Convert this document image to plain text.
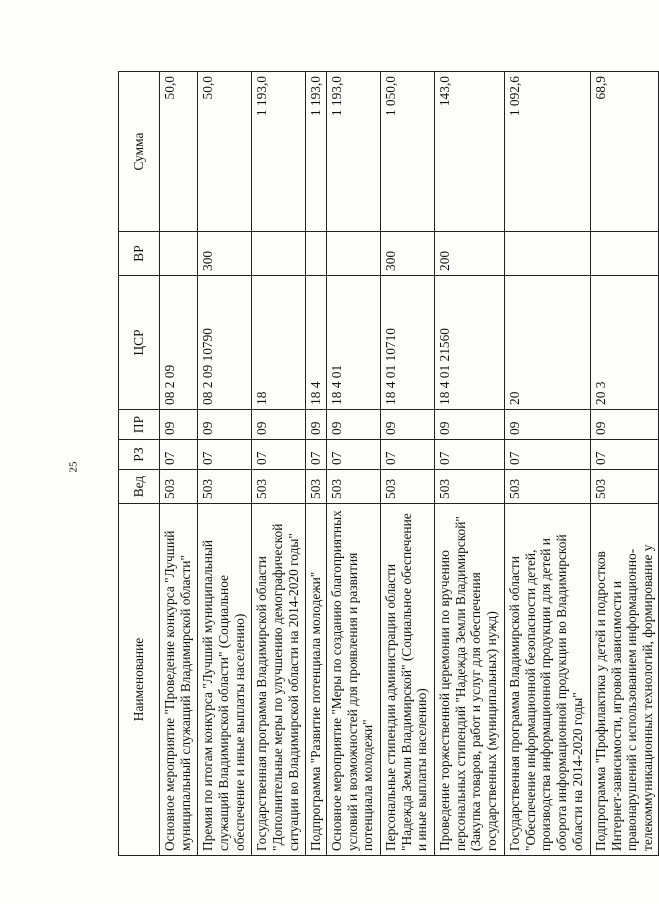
25
Наименование	Вед	РЗ	ПР	ЦСР	ВР	Сумма
Основное мероприятие "Проведение конкурса "Лучший муниципальный служащий Владимирской области"	503	07	09	08 2 09		50,0
Премия по итогам конкурса "Лучший муниципальный служащий Владимирской области" (Социальное обеспечение и иные выплаты населению)	503	07	09	08 2 09 10790	300	50,0
Государственная программа Владимирской области "Дополнительные меры по улучшению демографической ситуации во Владимирской области на 2014-2020 годы"	503	07	09	18		1 193,0
Подпрограмма "Развитие потенциала молодежи"	503	07	09	18 4		1 193,0
Основное мероприятие "Меры по созданию благоприятных условий и возможностей для проявления и развития потенциала молодежи"	503	07	09	18 4 01		1 193,0
Персональные стипендии администрации области "Надежда Земли Владимирской" (Социальное обеспечение и иные выплаты населению)	503	07	09	18 4 01 10710	300	1 050,0
Проведение торжественной церемонии по вручению персональных стипендий "Надежда Земли Владимирской" (Закупка товаров, работ и услуг для обеспечения государственных (муниципальных) нужд)	503	07	09	18 4 01 21560	200	143,0
Государственная программа Владимирской области "Обеспечение информационной безопасности детей, производства информационной продукции для детей и оборота информационной продукции во Владимирской области на 2014-2020 годы"	503	07	09	20		1 092,6
Подпрограмма "Профилактика у детей и подростков Интернет-зависимости, игровой зависимости и правонарушений с использованием информационно-телекоммуникационных технологий, формирование у	503	07	09	20 3		68,9
